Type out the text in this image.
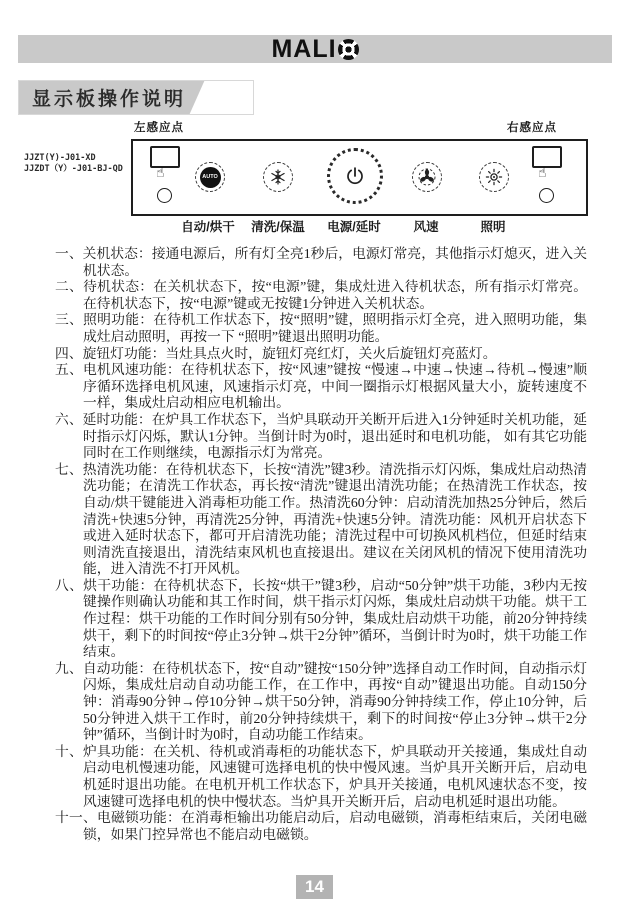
MALI
显示板操作说明
左感应点	右感应点
JJZT(Y)-J01-XD
JJZDT（Y）-J01-BJ-QD ☝	AUTO	☝
自动/烘干 清洗/保温 电源/延时	风速	照明

一、关机状态：接通电源后，所有灯全亮1秒后，电源灯常亮，其他指示灯熄灭，进入关机状态。

二、待机状态：在关机状态下，按“电源”键，集成灶进入待机状态，所有指示灯常亮。在待机状态下，按“电源”键或无按键1分钟进入关机状态。

三、照明功能：在待机工作状态下，按“照明”键，照明指示灯全亮，进入照明功能，集成灶启动照明，再按一下 “照明”键退出照明功能。

四、旋钮灯功能：当灶具点火时，旋钮灯亮红灯，关火后旋钮灯亮蓝灯。

五、电机风速功能：在待机状态下，按“风速”键按 “慢速→中速→快速→待机→慢速”顺序循环选择电机风速，风速指示灯亮，中间一圈指示灯根据风量大小，旋转速度不一样，集成灶启动相应电机输出。

六、延时功能：在炉具工作状态下，当炉具联动开关断开后进入1分钟延时关机功能，延时指示灯闪烁，默认1分钟。当倒计时为0时，退出延时和电机功能， 如有其它功能同时在工作则继续，电源指示灯为常亮。

七、热清洗功能：在待机状态下，长按“清洗”键3秒。清洗指示灯闪烁，集成灶启动热清洗功能；在清洗工作状态，再长按“清洗”键退出清洗功能；在热清洗工作状态，按自动/烘干键能进入消毒柜功能工作。热清洗60分钟：启动清洗加热25分钟后，然后清洗+快速5分钟，再清洗25分钟，再清洗+快速5分钟。清洗功能：风机开启状态下或进入延时状态下，都可开启清洗功能；清洗过程中可切换风机档位，但延时结束则清洗直接退出，清洗结束风机也直接退出。建议在关闭风机的情况下使用清洗功能，进入清洗不打开风机。

八、烘干功能：在待机状态下，长按“烘干”键3秒，启动“50分钟”烘干功能，3秒内无按键操作则确认功能和其工作时间，烘干指示灯闪烁，集成灶启动烘干功能。烘干工作过程：烘干功能的工作时间分别有50分钟，集成灶启动烘干功能，前20分钟持续烘干，剩下的时间按“停止3分钟→烘干2分钟”循环，当倒计时为0时，烘干功能工作结束。

九、自动功能：在待机状态下，按“自动”键按“150分钟”选择自动工作时间，自动指示灯闪烁，集成灶启动自动功能工作，在工作中，再按“自动”键退出功能。自动150分钟：消毒90分钟→停10分钟→烘干50分钟，消毒90分钟持续工作，停止10分钟，后50分钟进入烘干工作时，前20分钟持续烘干，剩下的时间按“停止3分钟→烘干2分钟”循环，当倒计时为0时，自动功能工作结束。

十、炉具功能：在关机、待机或消毒柜的功能状态下，炉具联动开关接通，集成灶自动启动电机慢速功能，风速键可选择电机的快中慢风速。当炉具开关断开后，启动电机延时退出功能。在电机开机工作状态下，炉具开关接通，电机风速状态不变，按风速键可选择电机的快中慢状态。当炉具开关断开后，启动电机延时退出功能。

十一、电磁锁功能：在消毒柜输出功能启动后，启动电磁锁，消毒柜结束后，关闭电磁锁，如果门控异常也不能启动电磁锁。

14
